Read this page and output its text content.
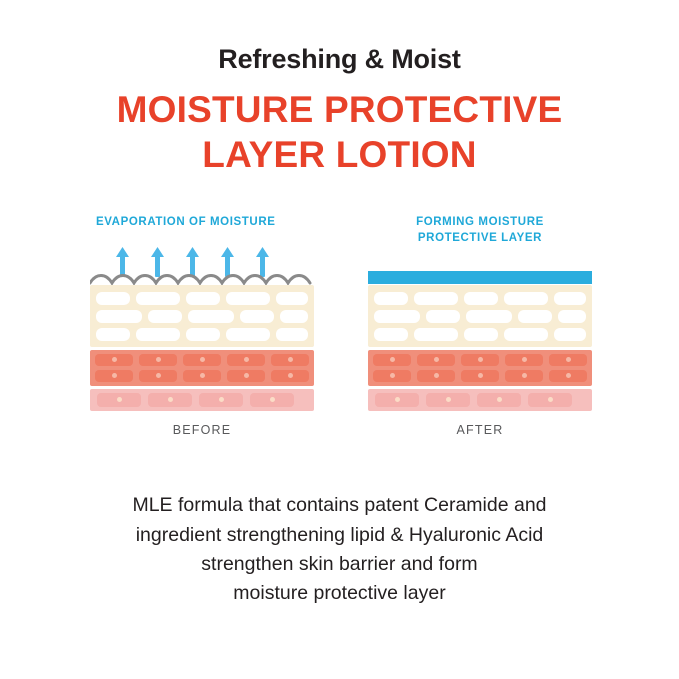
Refreshing & Moist
MOISTURE PROTECTIVE
LAYER LOTION
EVAPORATION OF MOISTURE
BEFORE
FORMING MOISTURE
PROTECTIVE LAYER
AFTER
MLE formula that contains patent Ceramide and
ingredient strengthening lipid & Hyaluronic Acid
strengthen skin barrier and form
moisture protective layer
